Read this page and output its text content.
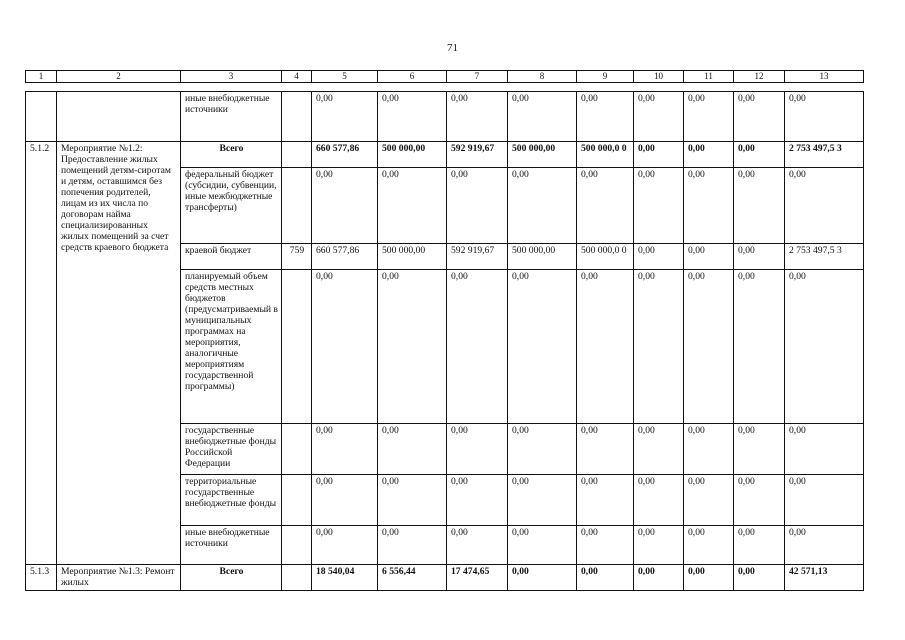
71
1	2	3	4	5	6	7	8	9	10	11	12	13
		иные внебюджетные источники		0,00	0,00	0,00	0,00	0,00	0,00	0,00	0,00	0,00
5.1.2	Мероприятие №1.2: Предоставление жилых помещений детям-сиротам и детям, оставшимся без попечения родителей, лицам из их числа по договорам найма специализированных жилых помещений за счет средств краевого бюджета	Всего		660 577,86	500 000,00	592 919,67	500 000,00	500 000,0 0	0,00	0,00	0,00	2 753 497,5 3
		федеральный бюджет (субсидии, субвенции, иные межбюджетные трансферты)		0,00	0,00	0,00	0,00	0,00	0,00	0,00	0,00	0,00
		краевой бюджет	759	660 577,86	500 000,00	592 919,67	500 000,00	500 000,0 0	0,00	0,00	0,00	2 753 497,5 3
		планируемый объем средств местных бюджетов (предусматриваемый в муниципальных программах на мероприятия, аналогичные мероприятиям государственной программы)		0,00	0,00	0,00	0,00	0,00	0,00	0,00	0,00	0,00
		государственные внебюджетные фонды Российской Федерации		0,00	0,00	0,00	0,00	0,00	0,00	0,00	0,00	0,00
		территориальные государственные внебюджетные фонды		0,00	0,00	0,00	0,00	0,00	0,00	0,00	0,00	0,00
		иные внебюджетные источники		0,00	0,00	0,00	0,00	0,00	0,00	0,00	0,00	0,00
5.1.3	Мероприятие №1.3: Ремонт жилых	Всего		18 540,04	6 556,44	17 474,65	0,00	0,00	0,00	0,00	0,00	42 571,13
